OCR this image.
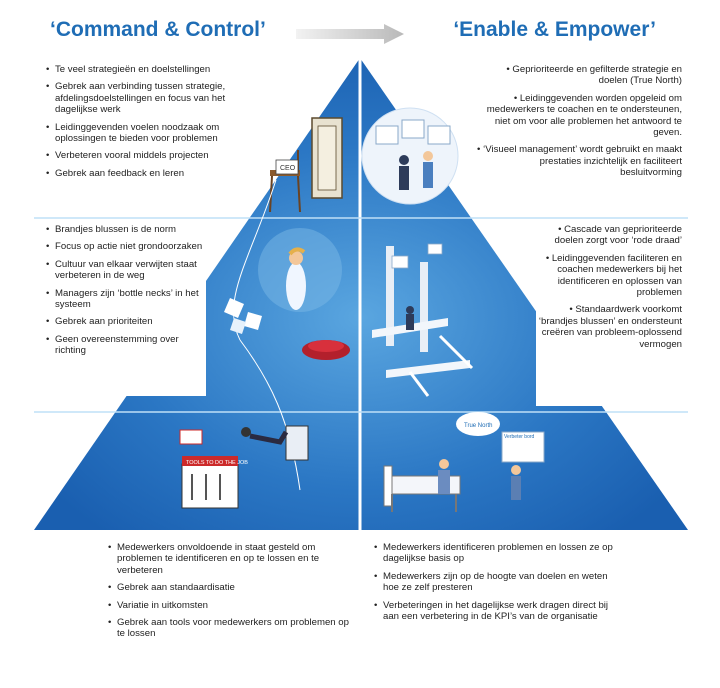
‘Command & Control’	‘Enable & Empower’
CEO
TOOLS TO DO THE JOB
True North
Verbeter bord
• Te veel strategieën en doelstellingen
• Gebrek aan verbinding tussen strategie, afdelingsdoelstellingen en focus van het dagelijkse werk
• Leidinggevenden voelen noodzaak om oplossingen te bieden voor problemen
• Verbeteren vooral middels projecten
• Gebrek aan feedback en leren
• Brandjes blussen is de norm
• Focus op actie niet grondoorzaken
• Cultuur van elkaar verwijten staat verbeteren in de weg
• Managers zijn ‘bottle necks’ in het systeem
• Gebrek aan prioriteiten
• Geen overeenstemming over richting
• Geprioriteerde en gefilterde strategie en doelen (True North)
• Leidinggevenden worden opgeleid om medewerkers te coachen en te ondersteunen, niet om voor alle problemen het antwoord te geven.
• ‘Visueel management’ wordt gebruikt en maakt prestaties inzichtelijk en faciliteert besluitvorming
• Cascade van geprioriteerde doelen zorgt voor ‘rode draad’
• Leidinggevenden faciliteren en coachen medewerkers bij het identificeren en oplossen van problemen
• Standaardwerk voorkomt ‘brandjes blussen’ en ondersteunt creëren van probleem-oplossend vermogen
• Medewerkers onvoldoende in staat gesteld om problemen te identificeren en op te lossen en te verbeteren
• Gebrek aan standaardisatie
• Variatie in uitkomsten
• Gebrek aan tools voor medewerkers om problemen op te lossen
• Medewerkers identificeren problemen en lossen ze op dagelijkse basis op
• Medewerkers zijn op de hoogte van doelen en weten hoe ze zelf presteren
• Verbeteringen in het dagelijkse werk dragen direct bij aan een verbetering in de KPI’s van de organisatie
